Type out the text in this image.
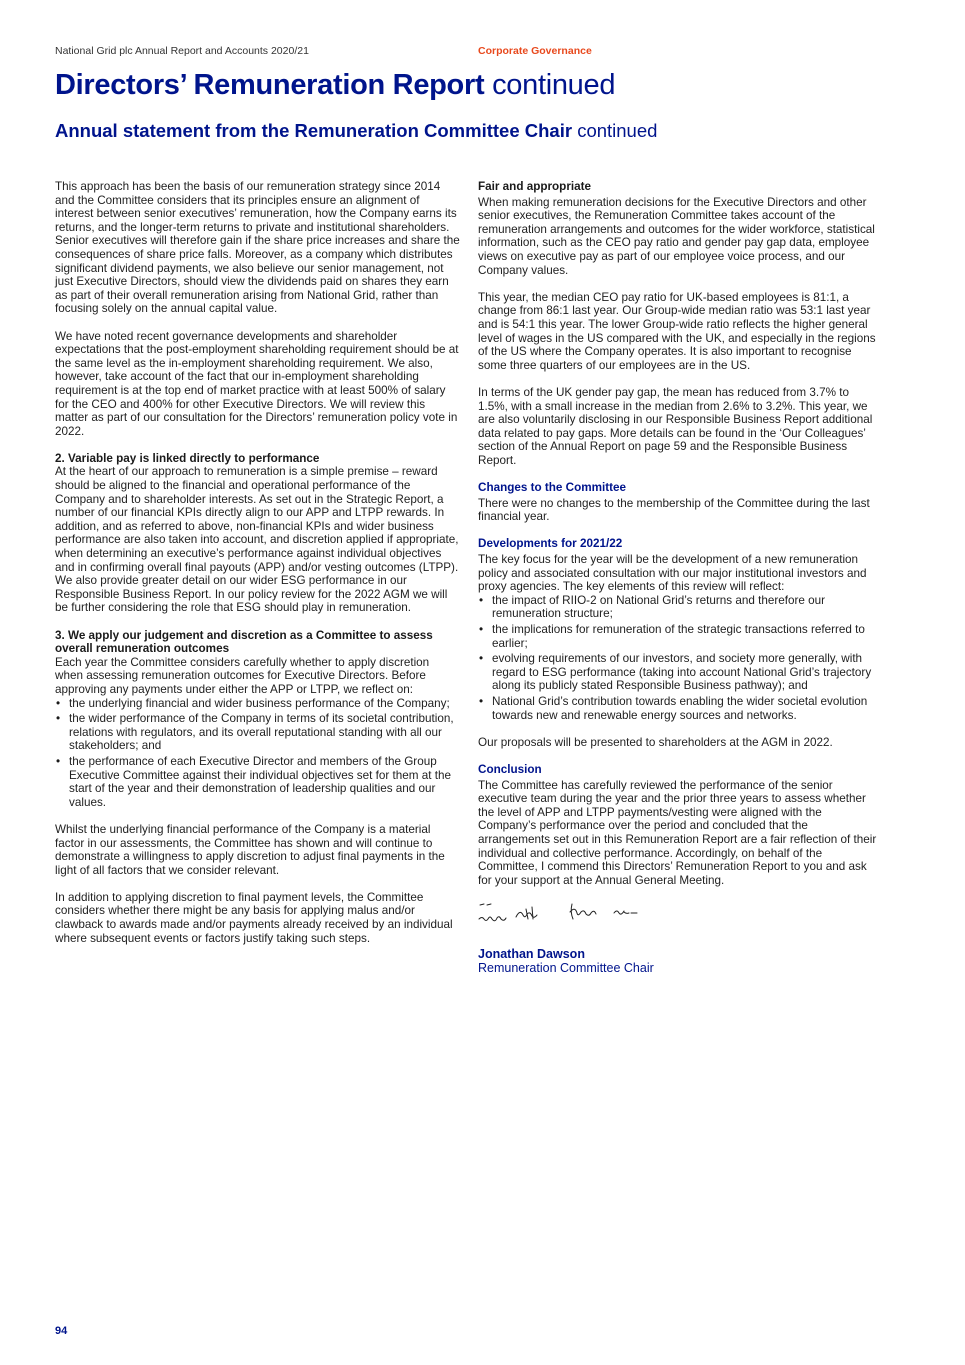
National Grid plc Annual Report and Accounts 2020/21	Corporate Governance
Directors’ Remuneration Report continued
Annual statement from the Remuneration Committee Chair continued

This approach has been the basis of our remuneration strategy since 2014 and the Committee considers that its principles ensure an alignment of interest between senior executives’ remuneration, how the Company earns its returns, and the longer-term returns to private and institutional shareholders. Senior executives will therefore gain if the share price increases and share the consequences of share price falls. Moreover, as a company which distributes significant dividend payments, we also believe our senior management, not just Executive Directors, should view the dividends paid on shares they earn as part of their overall remuneration arising from National Grid, rather than focusing solely on the annual capital value.

We have noted recent governance developments and shareholder expectations that the post-employment shareholding requirement should be at the same level as the in-employment shareholding requirement. We also, however, take account of the fact that our in-employment shareholding requirement is at the top end of market practice with at least 500% of salary for the CEO and 400% for other Executive Directors. We will review this matter as part of our consultation for the Directors’ remuneration policy vote in 2022.

2. Variable pay is linked directly to performance

At the heart of our approach to remuneration is a simple premise – reward should be aligned to the financial and operational performance of the Company and to shareholder interests. As set out in the Strategic Report, a number of our financial KPIs directly align to our APP and LTPP rewards. In addition, and as referred to above, non-financial KPIs and wider business performance are also taken into account, and discretion applied if appropriate, when determining an executive’s performance against individual objectives and in confirming overall final payouts (APP) and/or vesting outcomes (LTPP). We also provide greater detail on our wider ESG performance in our Responsible Business Report. In our policy review for the 2022 AGM we will be further considering the role that ESG should play in remuneration.

3. We apply our judgement and discretion as a Committee to assess overall remuneration outcomes

Each year the Committee considers carefully whether to apply discretion when assessing remuneration outcomes for Executive Directors. Before approving any payments under either the APP or LTPP, we reflect on:

• the underlying financial and wider business performance of the Company;
• the wider performance of the Company in terms of its societal contribution, relations with regulators, and its overall reputational standing with all our stakeholders; and
• the performance of each Executive Director and members of the Group Executive Committee against their individual objectives set for them at the start of the year and their demonstration of leadership qualities and our values.

Whilst the underlying financial performance of the Company is a material factor in our assessments, the Committee has shown and will continue to demonstrate a willingness to apply discretion to adjust final payments in the light of all factors that we consider relevant.

In addition to applying discretion to final payment levels, the Committee considers whether there might be any basis for applying malus and/or clawback to awards made and/or payments already received by an individual where subsequent events or factors justify taking such steps.

Fair and appropriate

When making remuneration decisions for the Executive Directors and other senior executives, the Remuneration Committee takes account of the remuneration arrangements and outcomes for the wider workforce, statistical information, such as the CEO pay ratio and gender pay gap data, employee views on executive pay as part of our employee voice process, and our Company values.

This year, the median CEO pay ratio for UK-based employees is 81:1, a change from 86:1 last year. Our Group-wide median ratio was 53:1 last year and is 54:1 this year. The lower Group-wide ratio reflects the higher general level of wages in the US compared with the UK, and especially in the regions of the US where the Company operates. It is also important to recognise some three quarters of our employees are in the US.

In terms of the UK gender pay gap, the mean has reduced from 3.7% to 1.5%, with a small increase in the median from 2.6% to 3.2%. This year, we are also voluntarily disclosing in our Responsible Business Report additional data related to pay gaps. More details can be found in the ‘Our Colleagues’ section of the Annual Report on page 59 and the Responsible Business Report.

Changes to the Committee

There were no changes to the membership of the Committee during the last financial year.

Developments for 2021/22

The key focus for the year will be the development of a new remuneration policy and associated consultation with our major institutional investors and proxy agencies. The key elements of this review will reflect:

• the impact of RIIO-2 on National Grid’s returns and therefore our remuneration structure;
• the implications for remuneration of the strategic transactions referred to earlier;
• evolving requirements of our investors, and society more generally, with regard to ESG performance (taking into account National Grid’s trajectory along its publicly stated Responsible Business pathway); and
• National Grid’s contribution towards enabling the wider societal evolution towards new and renewable energy sources and networks.

Our proposals will be presented to shareholders at the AGM in 2022.

Conclusion

The Committee has carefully reviewed the performance of the senior executive team during the year and the prior three years to assess whether the level of APP and LTPP payments/vesting were aligned with the Company’s performance over the period and concluded that the arrangements set out in this Remuneration Report are a fair reflection of their individual and collective performance. Accordingly, on behalf of the Committee, I commend this Directors’ Remuneration Report to you and ask for your support at the Annual General Meeting.

Jonathan Dawson
Remuneration Committee Chair
94
